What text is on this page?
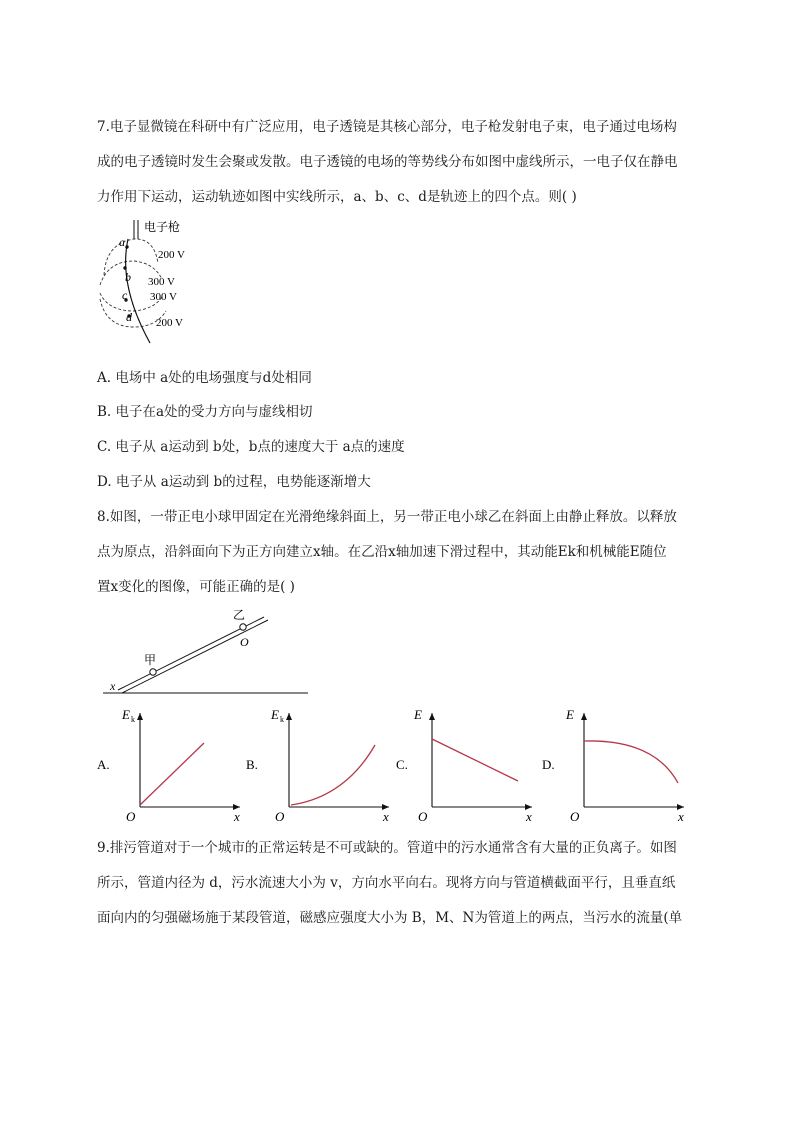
7.电子显微镜在科研中有广泛应用，电子透镜是其核心部分，电子枪发射电子束，电子通过电场构
成的电子透镜时发生会聚或发散。电子透镜的电场的等势线分布如图中虚线所示，一电子仅在静电
力作用下运动，运动轨迹如图中实线所示，a、b、c、d是轨迹上的四个点。则( )
电子枪
a
b
c
d
200 V
300 V
300 V
200 V
A. 电场中 a处的电场强度与d处相同
B. 电子在a处的受力方向与虚线相切
C. 电子从 a运动到 b处，b点的速度大于 a点的速度
D. 电子从 a运动到 b的过程，电势能逐渐增大
8.如图，一带正电小球甲固定在光滑绝缘斜面上，另一带正电小球乙在斜面上由静止释放。以释放
点为原点，沿斜面向下为正方向建立x轴。在乙沿x轴加速下滑过程中，其动能Ek和机械能E随位
置x变化的图像，可能正确的是( )
甲
乙
O
x
A.
E k
x
O
B.
E k
x
O
C.
E
x
O
D.
E
x
O
9.排污管道对于一个城市的正常运转是不可或缺的。管道中的污水通常含有大量的正负离子。如图
所示，管道内径为 d，污水流速大小为 v，方向水平向右。现将方向与管道横截面平行，且垂直纸
面向内的匀强磁场施于某段管道，磁感应强度大小为 B，M、N为管道上的两点，当污水的流量(单
